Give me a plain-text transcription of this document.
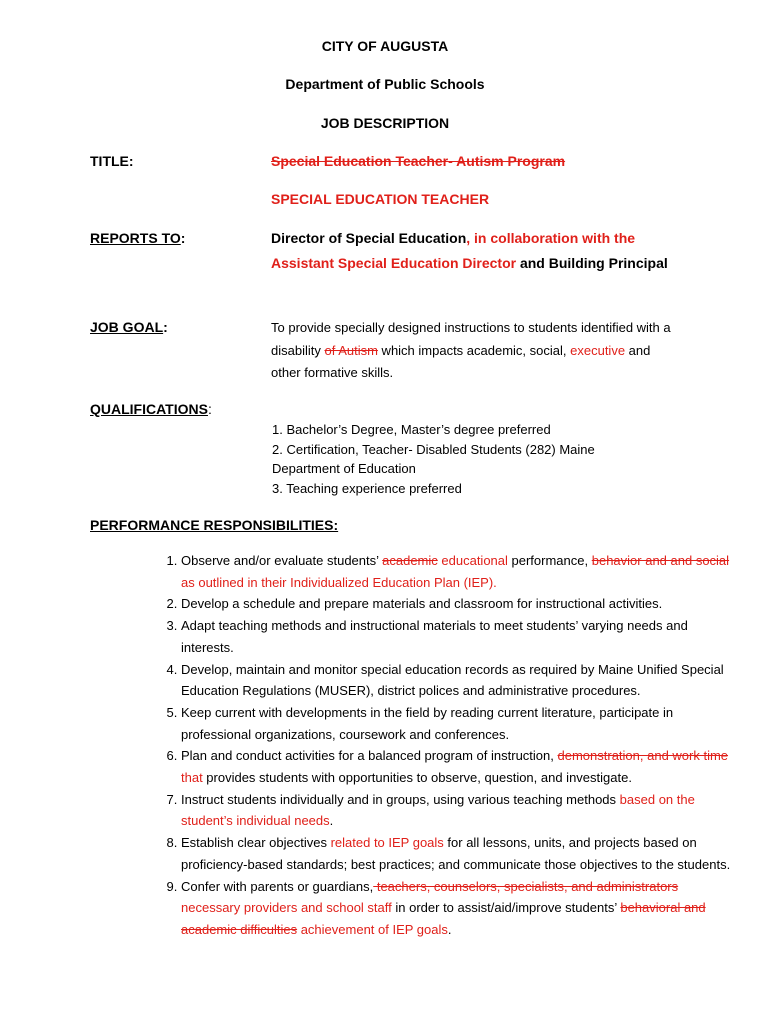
CITY OF AUGUSTA

Department of Public Schools

JOB DESCRIPTION

TITLE:	Special Education Teacher- Autism Program

SPECIAL EDUCATION TEACHER

REPORTS TO:	Director of Special Education, in collaboration with the Assistant Special Education Director and Building Principal

JOB GOAL:	To provide specially designed instructions to students identified with a disability of Autism which impacts academic, social, executive and other formative skills.

QUALIFICATIONS:

1. Bachelor’s Degree, Master’s degree preferred
2. Certification, Teacher- Disabled Students (282) Maine Department of Education
3. Teaching experience preferred

PERFORMANCE RESPONSIBILITIES:

1. Observe and/or evaluate students’ academic educational performance, behavior and and social as outlined in their Individualized Education Plan (IEP).
2. Develop a schedule and prepare materials and classroom for instructional activities.
3. Adapt teaching methods and instructional materials to meet students’ varying needs and interests.
4. Develop, maintain and monitor special education records as required by Maine Unified Special Education Regulations (MUSER), district polices and administrative procedures.
5. Keep current with developments in the field by reading current literature, participate in professional organizations, coursework and conferences.
6. Plan and conduct activities for a balanced program of instruction, demonstration, and work time that provides students with opportunities to observe, question, and investigate.
7. Instruct students individually and in groups, using various teaching methods based on the student’s individual needs.
8. Establish clear objectives related to IEP goals for all lessons, units, and projects based on proficiency-based standards; best practices; and communicate those objectives to the students.
9. Confer with parents or guardians, teachers, counselors, specialists, and administrators necessary providers and school staff in order to assist/aid/improve students’ behavioral and academic difficulties achievement of IEP goals.
